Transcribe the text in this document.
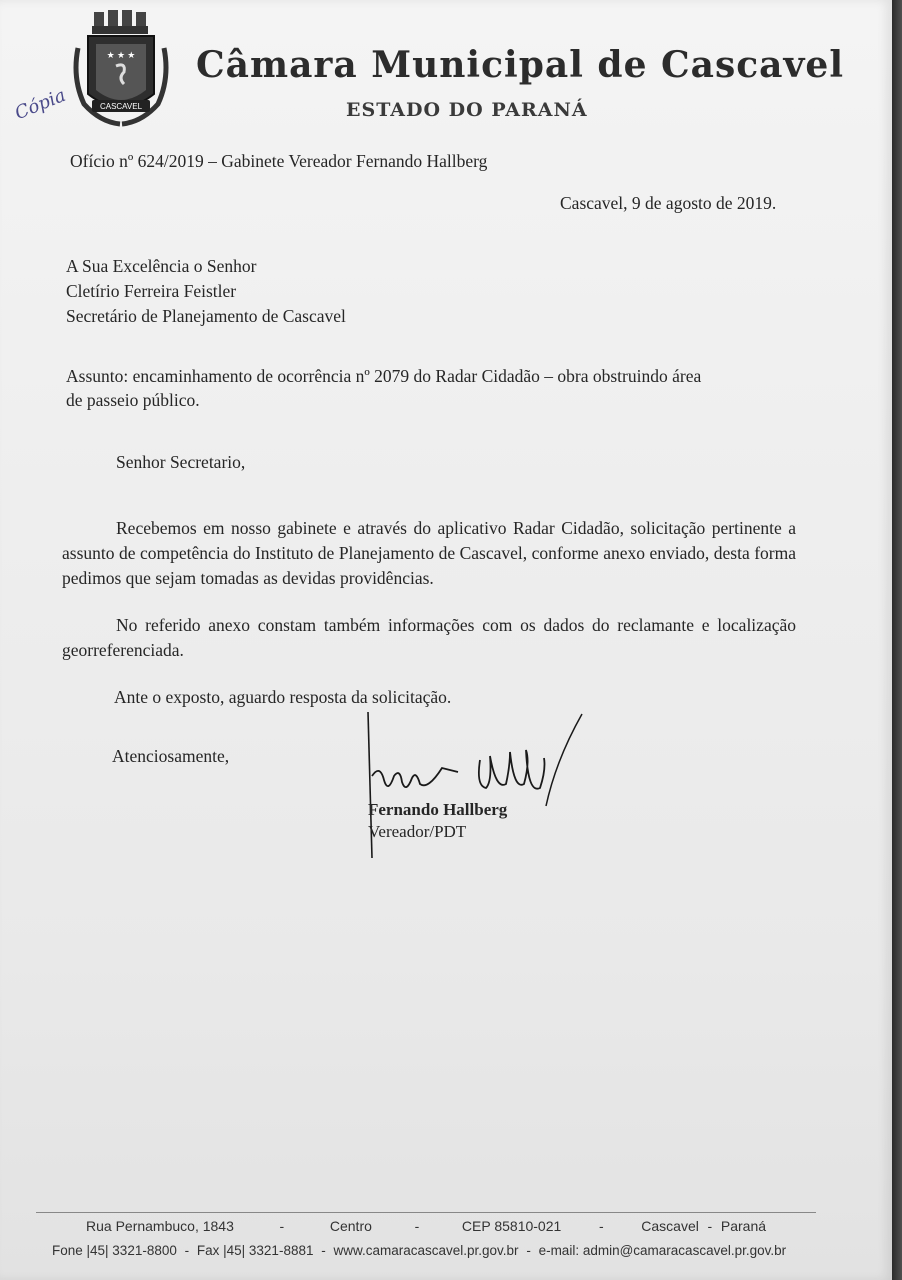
★ ★ ★
CASCAVEL
Cópia
Câmara Municipal de Cascavel
ESTADO DO PARANÁ
Ofício nº 624/2019 – Gabinete Vereador Fernando Hallberg
Cascavel, 9 de agosto de 2019.
A Sua Excelência o Senhor
Cletírio Ferreira Feistler
Secretário de Planejamento de Cascavel
Assunto: encaminhamento de ocorrência nº 2079 do Radar Cidadão – obra obstruindo área
de passeio público.
Senhor Secretario,
Recebemos em nosso gabinete e através do aplicativo Radar Cidadão, solicitação pertinente a assunto de competência do Instituto de Planejamento de Cascavel, conforme anexo enviado, desta forma pedimos que sejam tomadas as devidas providências.
No referido anexo constam também informações com os dados do reclamante e localização georreferenciada.
Ante o exposto, aguardo resposta da solicitação.
Atenciosamente,
Fernando Hallberg
Vereador/PDT
Rua Pernambuco, 1843	-	Centro	-	CEP 85810-021	-	Cascavel - Paraná
Fone |45| 3321-8800 - Fax |45| 3321-8881 - www.camaracascavel.pr.gov.br - e-mail: admin@camaracascavel.pr.gov.br
